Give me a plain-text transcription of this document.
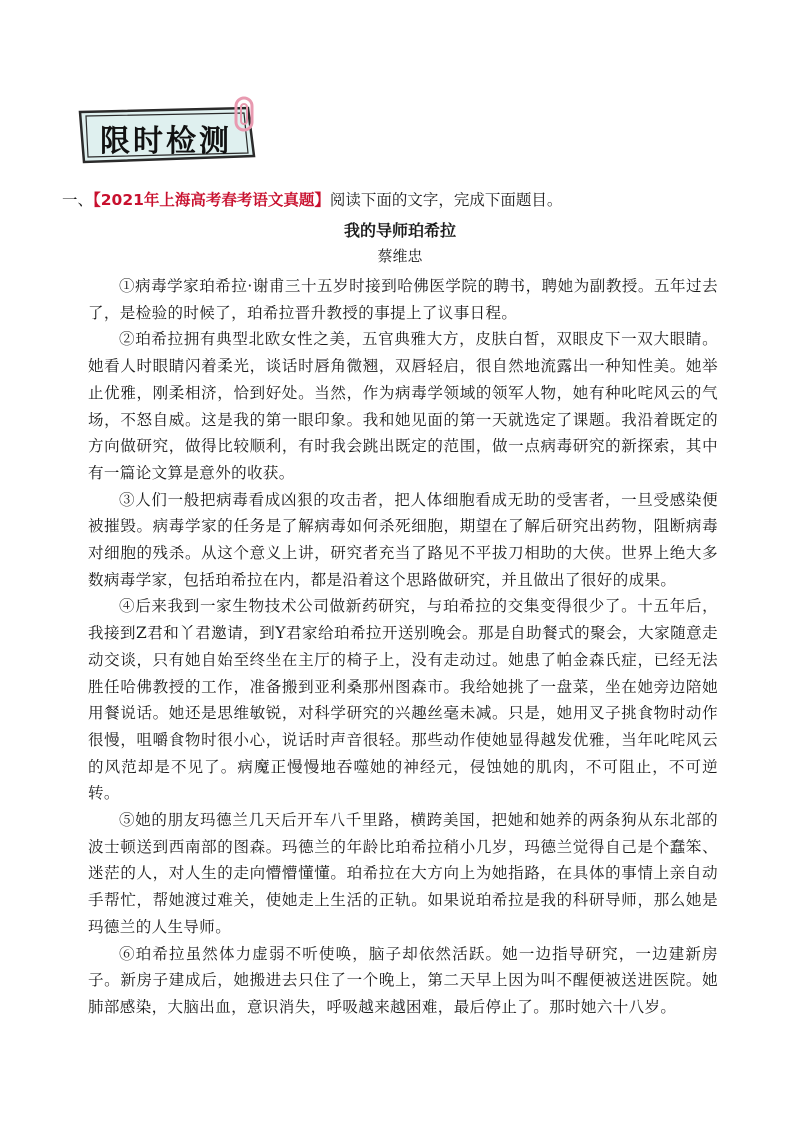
限时检测
一、【2021年上海高考春考语文真题】阅读下面的文字，完成下面题目。
我的导师珀希拉
蔡维忠

①病毒学家珀希拉·谢甫三十五岁时接到哈佛医学院的聘书，聘她为副教授。五年过去了，是检验的时候了，珀希拉晋升教授的事提上了议事日程。

②珀希拉拥有典型北欧女性之美，五官典雅大方，皮肤白皙，双眼皮下一双大眼睛。她看人时眼睛闪着柔光，谈话时唇角微翘，双唇轻启，很自然地流露出一种知性美。她举止优雅，刚柔相济，恰到好处。当然，作为病毒学领域的领军人物，她有种叱咤风云的气场，不怒自威。这是我的第一眼印象。我和她见面的第一天就选定了课题。我沿着既定的方向做研究，做得比较顺利，有时我会跳出既定的范围，做一点病毒研究的新探索，其中有一篇论文算是意外的收获。

③人们一般把病毒看成凶狠的攻击者，把人体细胞看成无助的受害者，一旦受感染便被摧毁。病毒学家的任务是了解病毒如何杀死细胞，期望在了解后研究出药物，阻断病毒对细胞的残杀。从这个意义上讲，研究者充当了路见不平拔刀相助的大侠。世界上绝大多数病毒学家，包括珀希拉在内，都是沿着这个思路做研究，并且做出了很好的成果。

④后来我到一家生物技术公司做新药研究，与珀希拉的交集变得很少了。十五年后，我接到Z君和丫君邀请，到Y君家给珀希拉开送别晚会。那是自助餐式的聚会，大家随意走动交谈，只有她自始至终坐在主厅的椅子上，没有走动过。她患了帕金森氏症，已经无法胜任哈佛教授的工作，准备搬到亚利桑那州图森市。我给她挑了一盘菜，坐在她旁边陪她用餐说话。她还是思维敏锐，对科学研究的兴趣丝毫未减。只是，她用叉子挑食物时动作很慢，咀嚼食物时很小心，说话时声音很轻。那些动作使她显得越发优雅，当年叱咤风云的风范却是不见了。病魔正慢慢地吞噬她的神经元，侵蚀她的肌肉，不可阻止，不可逆转。

⑤她的朋友玛德兰几天后开车八千里路，横跨美国，把她和她养的两条狗从东北部的波士顿送到西南部的图森。玛德兰的年龄比珀希拉稍小几岁，玛德兰觉得自己是个蠢笨、迷茫的人，对人生的走向懵懵懂懂。珀希拉在大方向上为她指路，在具体的事情上亲自动手帮忙，帮她渡过难关，使她走上生活的正轨。如果说珀希拉是我的科研导师，那么她是玛德兰的人生导师。

⑥珀希拉虽然体力虚弱不听使唤，脑子却依然活跃。她一边指导研究，一边建新房子。新房子建成后，她搬进去只住了一个晚上，第二天早上因为叫不醒便被送进医院。她肺部感染，大脑出血，意识消失，呼吸越来越困难，最后停止了。那时她六十八岁。
